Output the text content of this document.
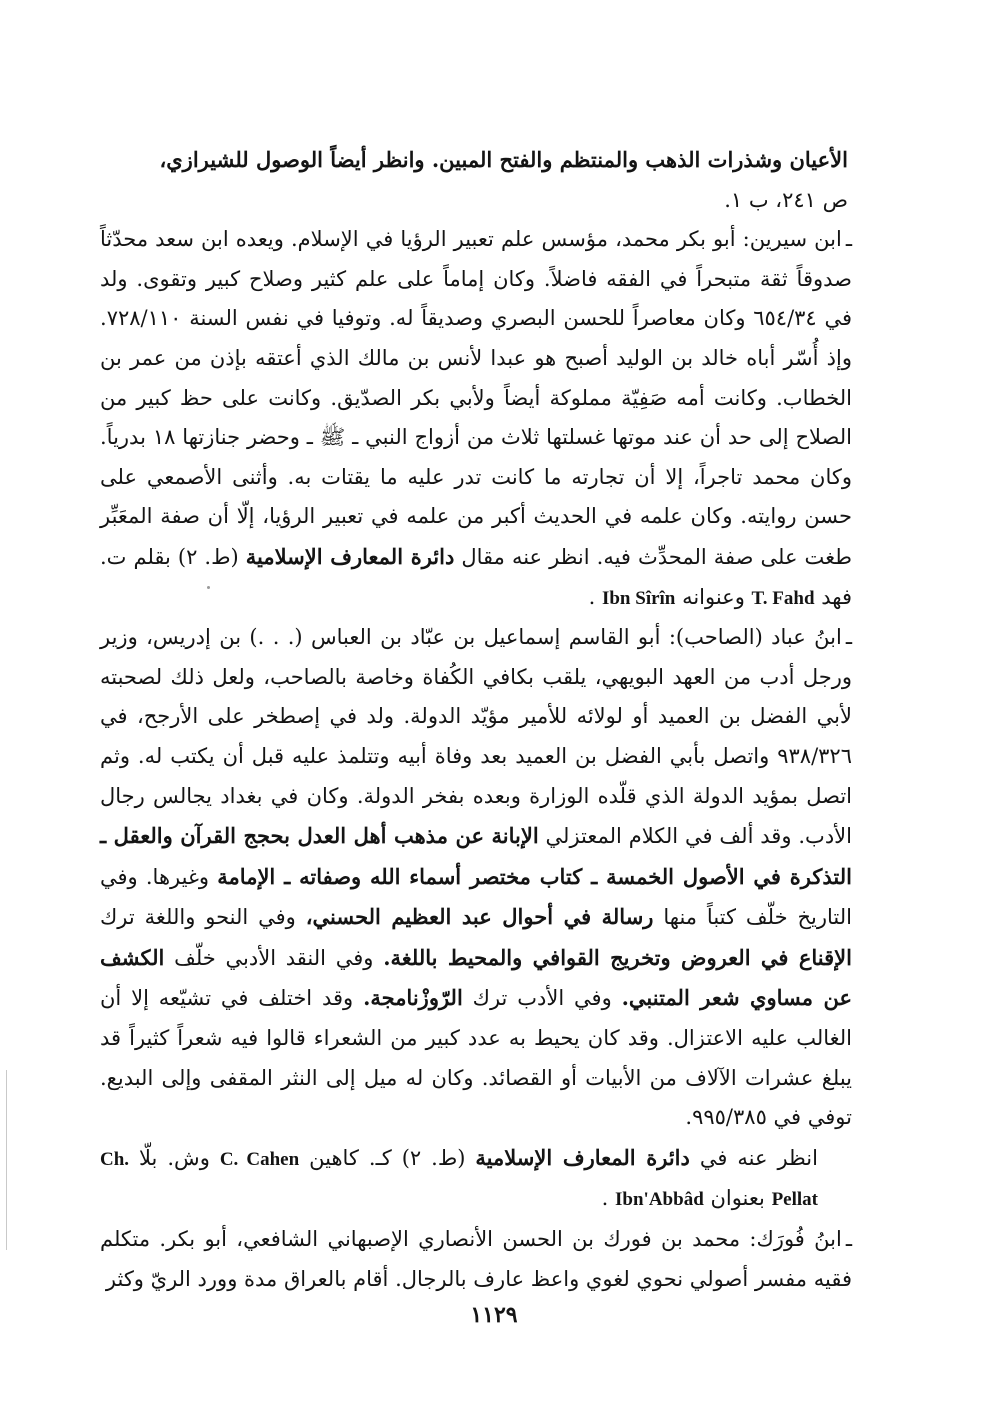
الأعيان وشذرات الذهب والمنتظم والفتح المبين. وانظر أيضاً الوصول للشيرازي،
ص ٢٤١، ب ١.
ـابن سيرين: أبو بكر محمد، مؤسس علم تعبير الرؤيا في الإسلام. ويعده ابن سعد محدّثاً صدوقاً ثقة متبحراً في الفقه فاضلاً. وكان إماماً على علم كثير وصلاح كبير وتقوى. ولد في ٦٥٤/٣٤ وكان معاصراً للحسن البصري وصديقاً له. وتوفيا في نفس السنة ٧٢٨/١١٠. وإذ أُسّر أباه خالد بن الوليد أصبح هو عبدا لأنس بن مالك الذي أعتقه بإذن من عمر بن الخطاب. وكانت أمه صَفِيّة مملوكة أيضاً ولأبي بكر الصدّيق. وكانت على حظ كبير من الصلاح إلى حد أن عند موتها غسلتها ثلاث من أزواج النبي ـ ﷺ ـ وحضر جنازتها ١٨ بدرياً. وكان محمد تاجراً، إلا أن تجارته ما كانت تدر عليه ما يقتات به. وأثنى الأصمعي على حسن روايته. وكان علمه في الحديث أكبر من علمه في تعبير الرؤيا، إلّا أن صفة المعَبِّر طغت على صفة المحدِّث فيه. انظر عنه مقال دائرة المعارف الإسلامية (ط. ٢) بقلم ت. فهد T. Fahd وعنوانه Ibn Sîrîn .
ـابنُ عباد (الصاحب): أبو القاسم إسماعيل بن عبّاد بن العباس (. . .) بن إدريس، وزير ورجل أدب من العهد البويهي، يلقب بكافي الكُفاة وخاصة بالصاحب، ولعل ذلك لصحبته لأبي الفضل بن العميد أو لولائه للأمير مؤيّد الدولة. ولد في إصطخر على الأرجح، في ٩٣٨/٣٢٦ واتصل بأبي الفضل بن العميد بعد وفاة أبيه وتتلمذ عليه قبل أن يكتب له. وثم اتصل بمؤيد الدولة الذي قلّده الوزارة وبعده بفخر الدولة. وكان في بغداد يجالس رجال الأدب. وقد ألف في الكلام المعتزلي الإبانة عن مذهب أهل العدل بحجج القرآن والعقل ـ التذكرة في الأصول الخمسة ـ كتاب مختصر أسماء الله وصفاته ـ الإمامة وغيرها. وفي التاريخ خلّف كتباً منها رسالة في أحوال عبد العظيم الحسني، وفي النحو واللغة ترك الإقناع في العروض وتخريج القوافي والمحيط باللغة. وفي النقد الأدبي خلّف الكشف عن مساوي شعر المتنبي. وفي الأدب ترك الرّوزْنامجة. وقد اختلف في تشيّعه إلا أن الغالب عليه الاعتزال. وقد كان يحيط به عدد كبير من الشعراء قالوا فيه شعراً كثيراً قد يبلغ عشرات الآلاف من الأبيات أو القصائد. وكان له ميل إلى النثر المقفى وإلى البديع. توفي في ٩٩٥/٣٨٥.
انظر عنه في دائرة المعارف الإسلامية (ط. ٢) كـ. كاهين C. Cahen وش. بلّا Ch. Pellat بعنوان Ibn'Abbâd .
ـابنُ فُورَك: محمد بن فورك بن الحسن الأنصاري الإصبهاني الشافعي، أبو بكر. متكلم فقيه مفسر أصولي نحوي لغوي واعظ عارف بالرجال. أقام بالعراق مدة وورد الريّ وكثر
١١٢٩
